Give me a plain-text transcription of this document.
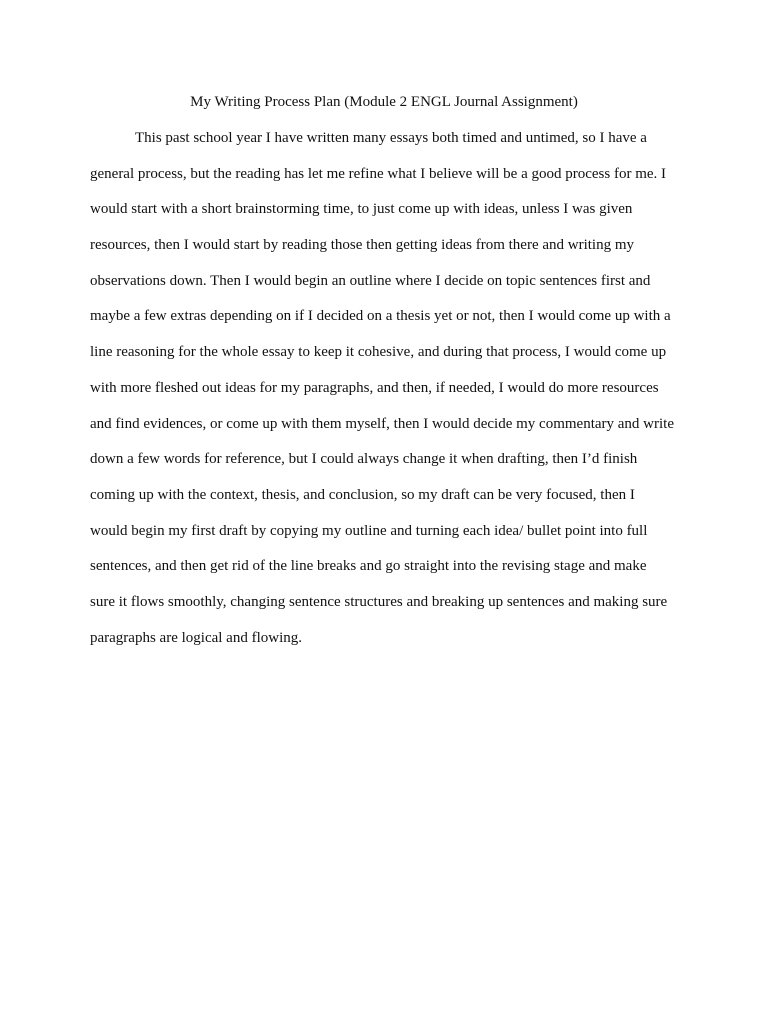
My Writing Process Plan (Module 2 ENGL Journal Assignment)
This past school year I have written many essays both timed and untimed, so I have a
general process, but the reading has let me refine what I believe will be a good process for me. I
would start with a short brainstorming time, to just come up with ideas, unless I was given
resources, then I would start by reading those then getting ideas from there and writing my
observations down. Then I would begin an outline where I decide on topic sentences first and
maybe a few extras depending on if I decided on a thesis yet or not, then I would come up with a
line reasoning for the whole essay to keep it cohesive, and during that process, I would come up
with more fleshed out ideas for my paragraphs, and then, if needed, I would do more resources
and find evidences, or come up with them myself, then I would decide my commentary and write
down a few words for reference, but I could always change it when drafting, then I’d finish
coming up with the context, thesis, and conclusion, so my draft can be very focused, then I
would begin my first draft by copying my outline and turning each idea/ bullet point into full
sentences, and then get rid of the line breaks and go straight into the revising stage and make
sure it flows smoothly, changing sentence structures and breaking up sentences and making sure
paragraphs are logical and flowing.
